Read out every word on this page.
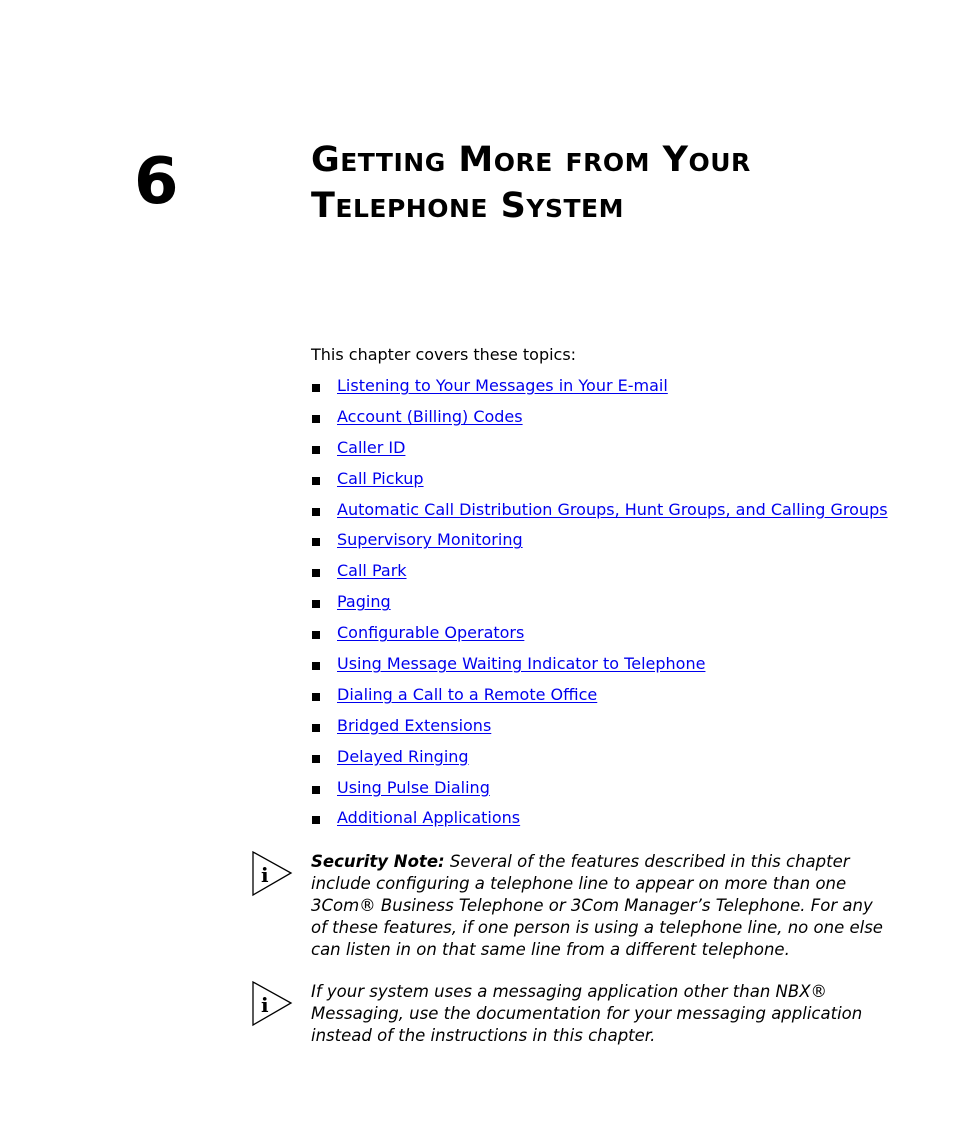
6	Getting More from Your
Telephone System
This chapter covers these topics:
Listening to Your Messages in Your E-mail
Account (Billing) Codes
Caller ID
Call Pickup
Automatic Call Distribution Groups, Hunt Groups, and Calling Groups
Supervisory Monitoring
Call Park
Paging
Configurable Operators
Using Message Waiting Indicator to Telephone
Dialing a Call to a Remote Office
Bridged Extensions
Delayed Ringing
Using Pulse Dialing
Additional Applications
i
Security Note: Several of the features described in this chapter include configuring a telephone line to appear on more than one 3Com® Business Telephone or 3Com Manager’s Telephone. For any of these features, if one person is using a telephone line, no one else can listen in on that same line from a different telephone.
i
If your system uses a messaging application other than NBX® Messaging, use the documentation for your messaging application instead of the instructions in this chapter.
